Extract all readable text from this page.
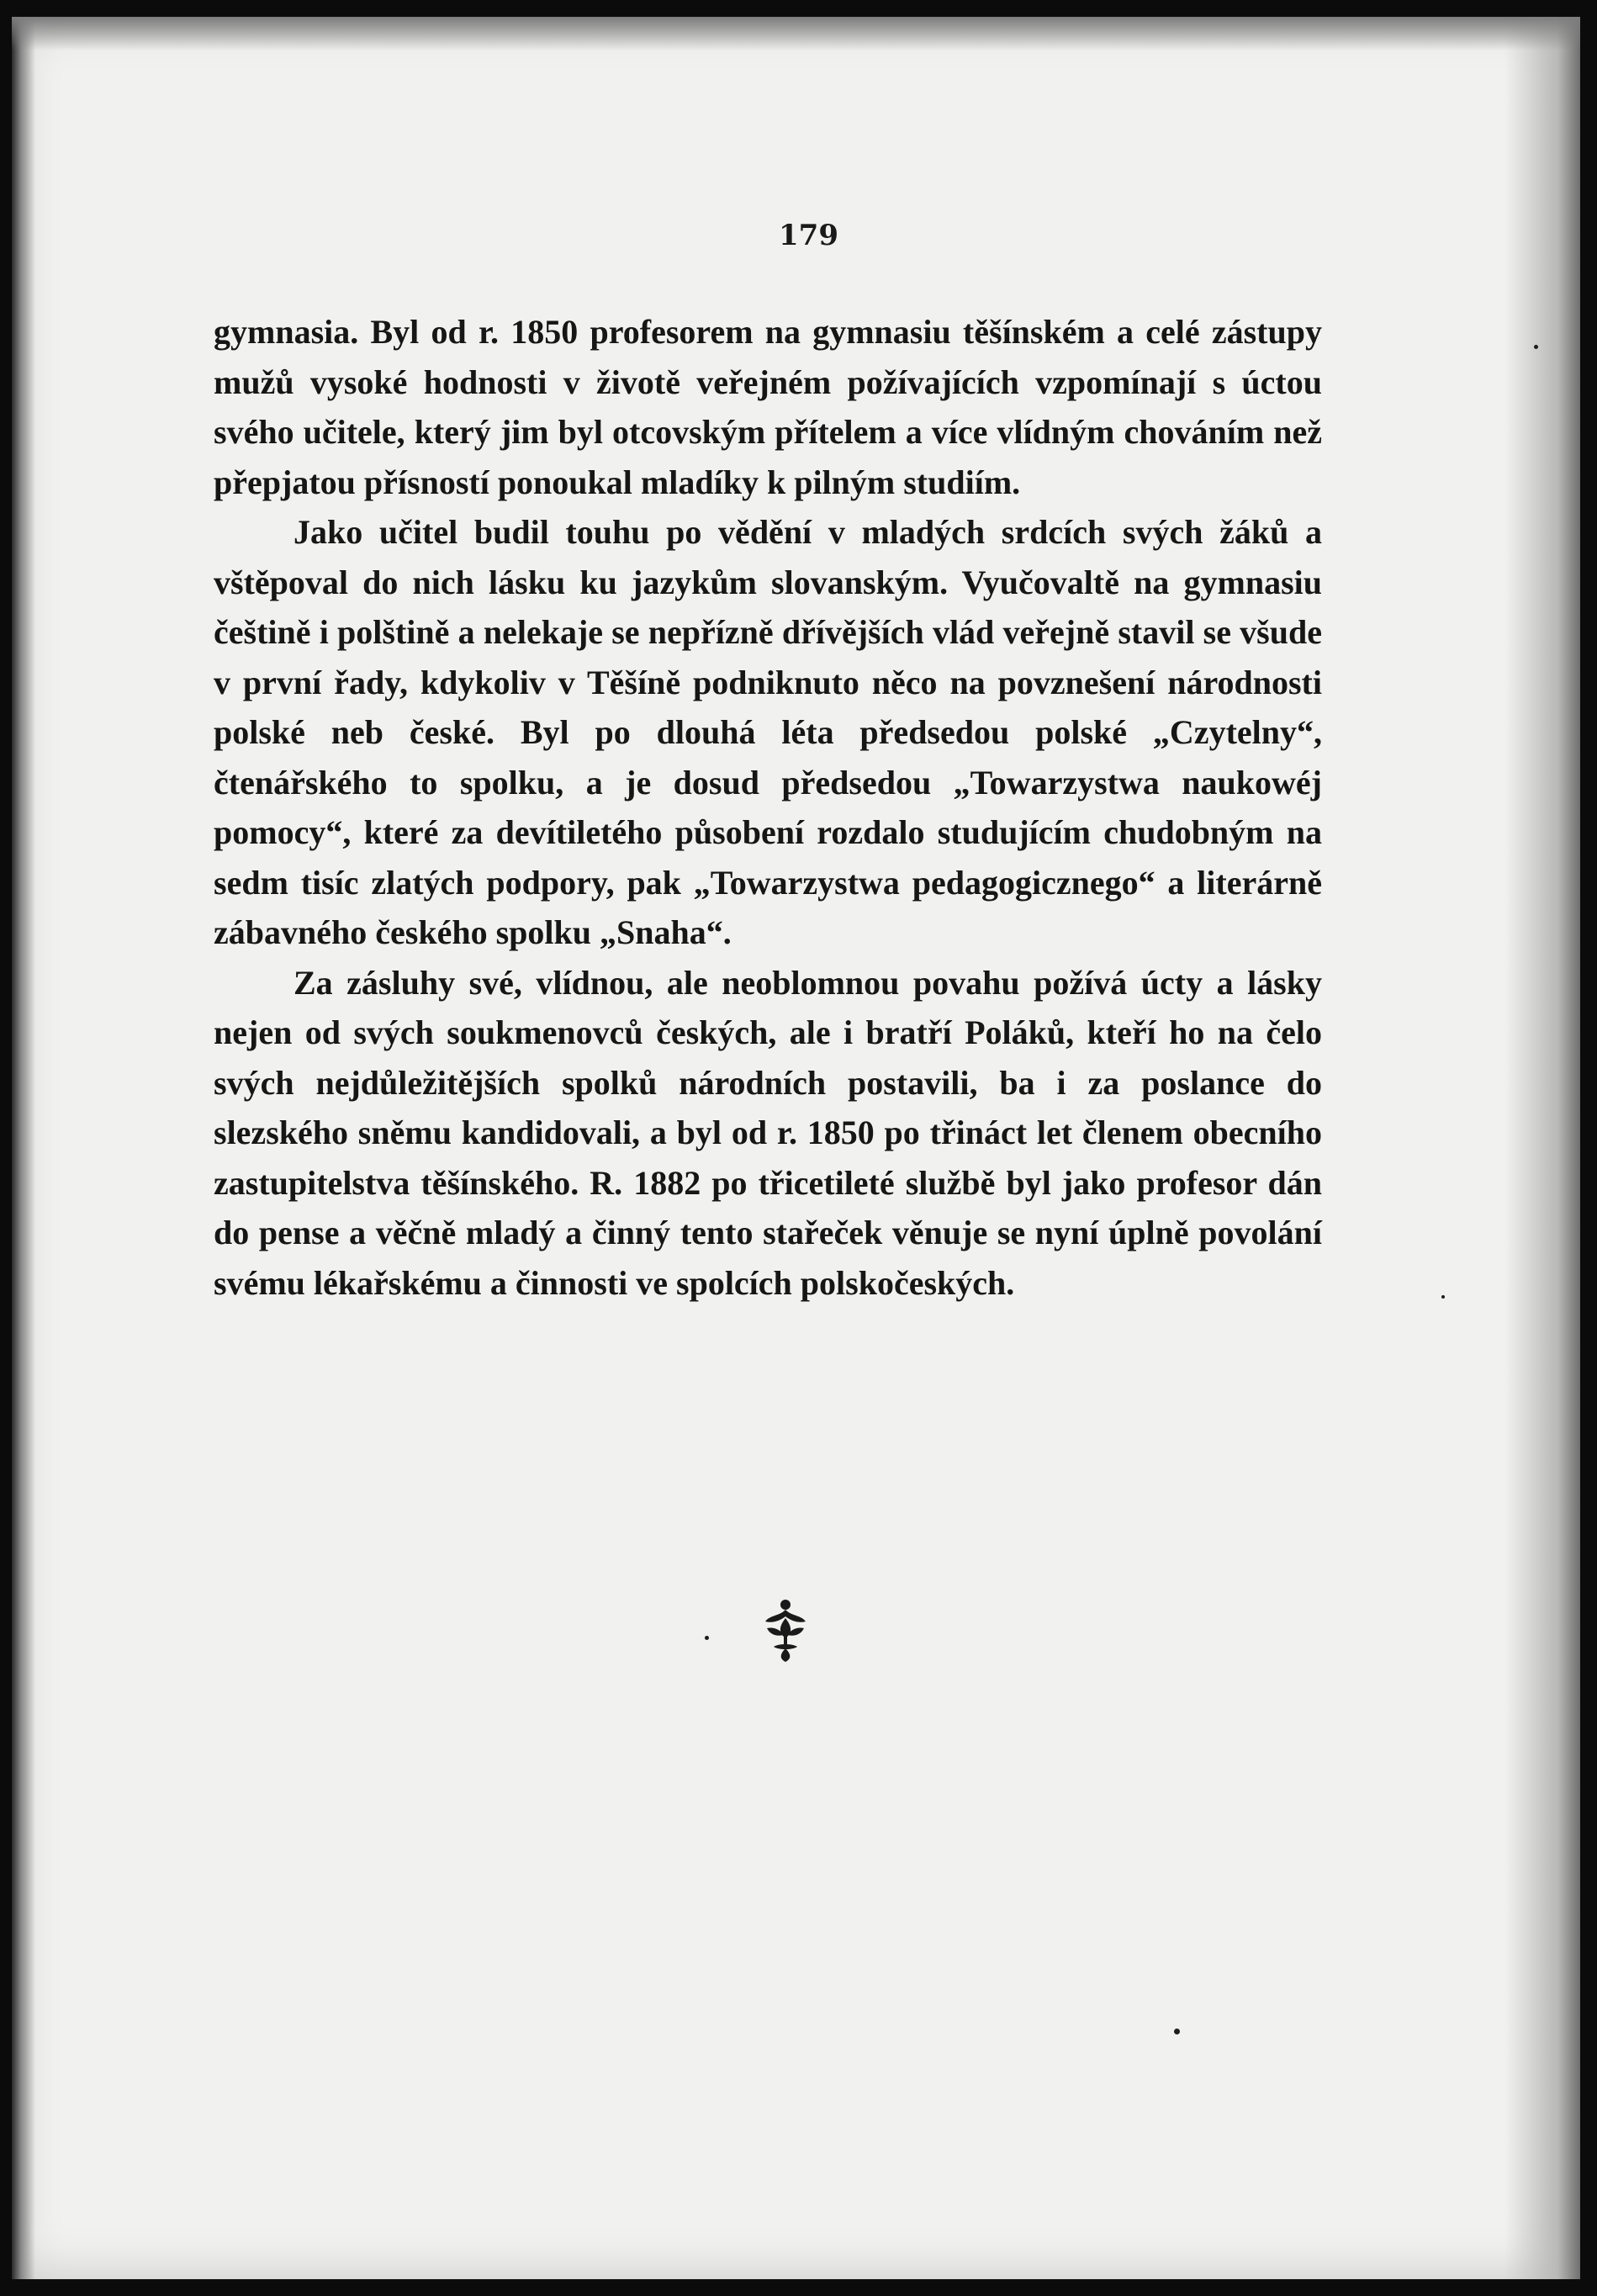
179

gymnasia. Byl od r. 1850 profesorem na gymnasiu těšínském a celé zástupy mužů vysoké hodnosti v životě veřejném požívajících vzpomínají s úctou svého učitele, který jim byl otcovským přítelem a více vlídným chováním než přepjatou přísností ponoukal mladíky k pilným studiím.

Jako učitel budil touhu po vědění v mladých srdcích svých žáků a vštěpoval do nich lásku ku jazykům slovanským. Vyučovaltě na gymnasiu češtině i polštině a nelekaje se nepřízně dřívějších vlád veřejně stavil se všude v první řady, kdykoliv v Těšíně podniknuto něco na povznešení národnosti polské neb české. Byl po dlouhá léta předsedou polské „Czytelny“, čtenářského to spolku, a je dosud předsedou „Towarzystwa naukowéj pomocy“, které za devítiletého působení rozdalo studujícím chudobným na sedm tisíc zlatých podpory, pak „Towarzystwa pedagogicznego“ a literárně zábavného českého spolku „Snaha“.

Za zásluhy své, vlídnou, ale neoblomnou povahu požívá úcty a lásky nejen od svých soukmenovců českých, ale i bratří Poláků, kteří ho na čelo svých nejdůležitějších spolků národních postavili, ba i za poslance do slezského sněmu kandidovali, a byl od r. 1850 po třináct let členem obecního zastupitelstva těšínského. R. 1882 po třicetileté službě byl jako profesor dán do pense a věčně mladý a činný tento stařeček věnuje se nyní úplně povolání svému lékařskému a činnosti ve spolcích polskočeských.
